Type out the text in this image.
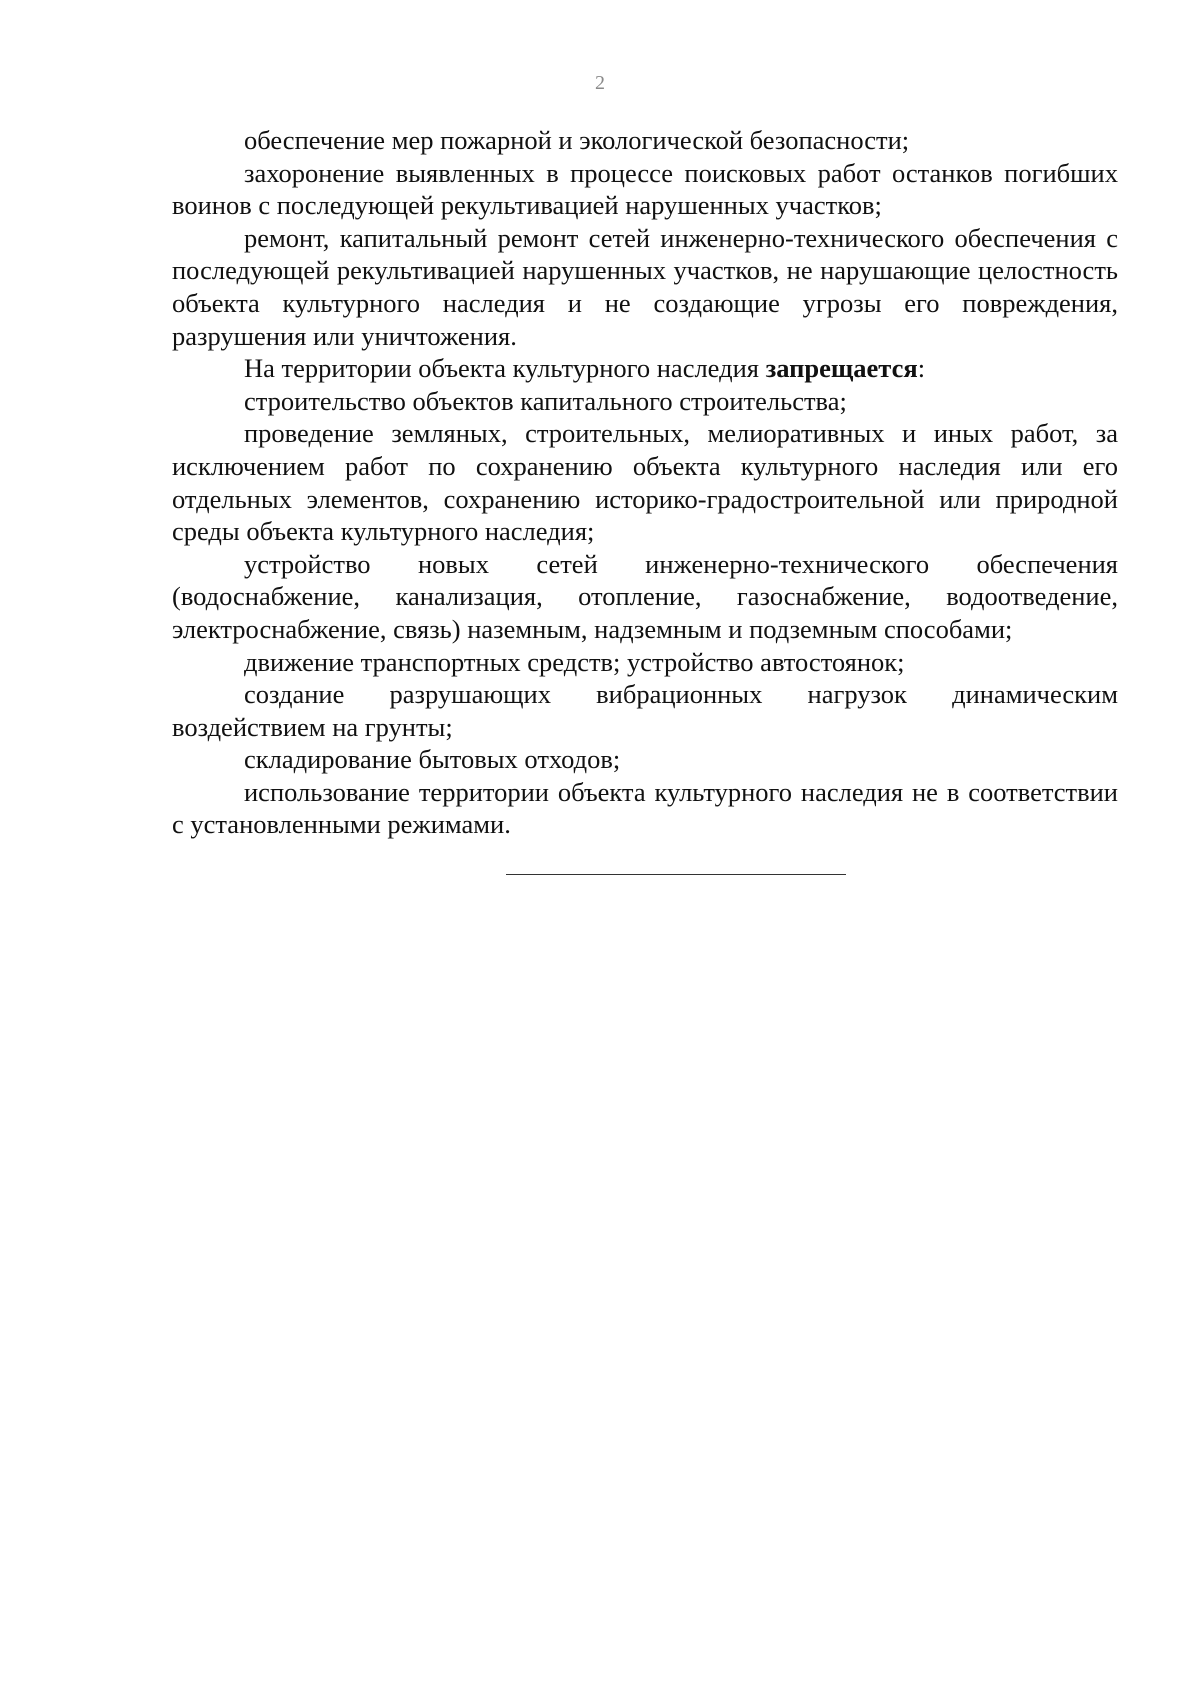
2

обеспечение мер пожарной и экологической безопасности;

захоронение выявленных в процессе поисковых работ останков погибших воинов с последующей рекультивацией нарушенных участков;

ремонт, капитальный ремонт сетей инженерно-технического обеспечения с последующей рекультивацией нарушенных участков, не нарушающие целостность объекта культурного наследия и не создающие угрозы его повреждения, разрушения или уничтожения.

На территории объекта культурного наследия запрещается:

строительство объектов капитального строительства;

проведение земляных, строительных, мелиоративных и иных работ, за исключением работ по сохранению объекта культурного наследия или его отдельных элементов, сохранению историко-градостроительной или природной среды объекта культурного наследия;

устройство новых сетей инженерно-технического обеспечения (водоснабжение, канализация, отопление, газоснабжение, водоотведение, электроснабжение, связь) наземным, надземным и подземным способами;

движение транспортных средств; устройство автостоянок;

создание разрушающих вибрационных нагрузок динамическим воздействием на грунты;

складирование бытовых отходов;

использование территории объекта культурного наследия не в соответствии с установленными режимами.
